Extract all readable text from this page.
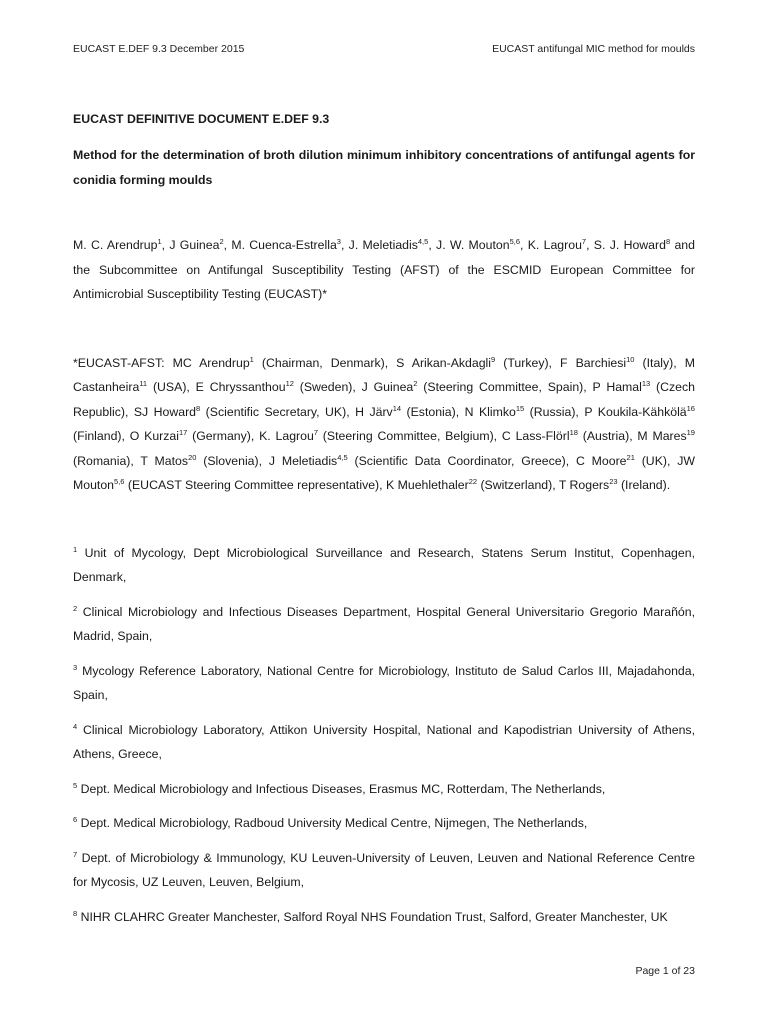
EUCAST E.DEF 9.3 December 2015	EUCAST antifungal MIC method for moulds
EUCAST DEFINITIVE DOCUMENT E.DEF 9.3
Method for the determination of broth dilution minimum inhibitory concentrations of antifungal agents for conidia forming moulds

M. C. Arendrup$^1$, J Guinea$^2$, M. Cuenca-Estrella$^3$, J. Meletiadis$^{4,5}$, J. W. Mouton$^{5,6}$, K. Lagrou$^7$, S. J. Howard$^8$ and the Subcommittee on Antifungal Susceptibility Testing (AFST) of the ESCMID European Committee for Antimicrobial Susceptibility Testing (EUCAST)*

*EUCAST-AFST: MC Arendrup$^1$ (Chairman, Denmark), S Arikan-Akdagli$^9$ (Turkey), F Barchiesi$^{10}$ (Italy), M Castanheira$^{11}$ (USA), E Chryssanthou$^{12}$ (Sweden), J Guinea$^2$ (Steering Committee, Spain), P Hamal$^{13}$ (Czech Republic), SJ Howard$^8$ (Scientific Secretary, UK), H Järv$^{14}$ (Estonia), N Klimko$^{15}$ (Russia), P Koukila-Kähkölä$^{16}$ (Finland), O Kurzai$^{17}$ (Germany), K. Lagrou$^7$ (Steering Committee, Belgium), C Lass-Flörl$^{18}$ (Austria), M Mares$^{19}$ (Romania), T Matos$^{20}$ (Slovenia), J Meletiadis$^{4,5}$ (Scientific Data Coordinator, Greece), C Moore$^{21}$ (UK), JW Mouton$^{5,6}$ (EUCAST Steering Committee representative), K Muehlethaler$^{22}$ (Switzerland), T Rogers$^{23}$ (Ireland).

$^1$ Unit of Mycology, Dept Microbiological Surveillance and Research, Statens Serum Institut, Copenhagen, Denmark,

$^2$ Clinical Microbiology and Infectious Diseases Department, Hospital General Universitario Gregorio Marañón, Madrid, Spain,

$^3$ Mycology Reference Laboratory, National Centre for Microbiology, Instituto de Salud Carlos III, Majadahonda, Spain,

$^4$ Clinical Microbiology Laboratory, Attikon University Hospital, National and Kapodistrian University of Athens, Athens, Greece,

$^5$ Dept. Medical Microbiology and Infectious Diseases, Erasmus MC, Rotterdam, The Netherlands,

$^6$ Dept. Medical Microbiology, Radboud University Medical Centre, Nijmegen, The Netherlands,

$^7$ Dept. of Microbiology & Immunology, KU Leuven-University of Leuven, Leuven and National Reference Centre for Mycosis, UZ Leuven, Leuven, Belgium,

$^8$ NIHR CLAHRC Greater Manchester, Salford Royal NHS Foundation Trust, Salford, Greater Manchester, UK

Page 1 of 23
